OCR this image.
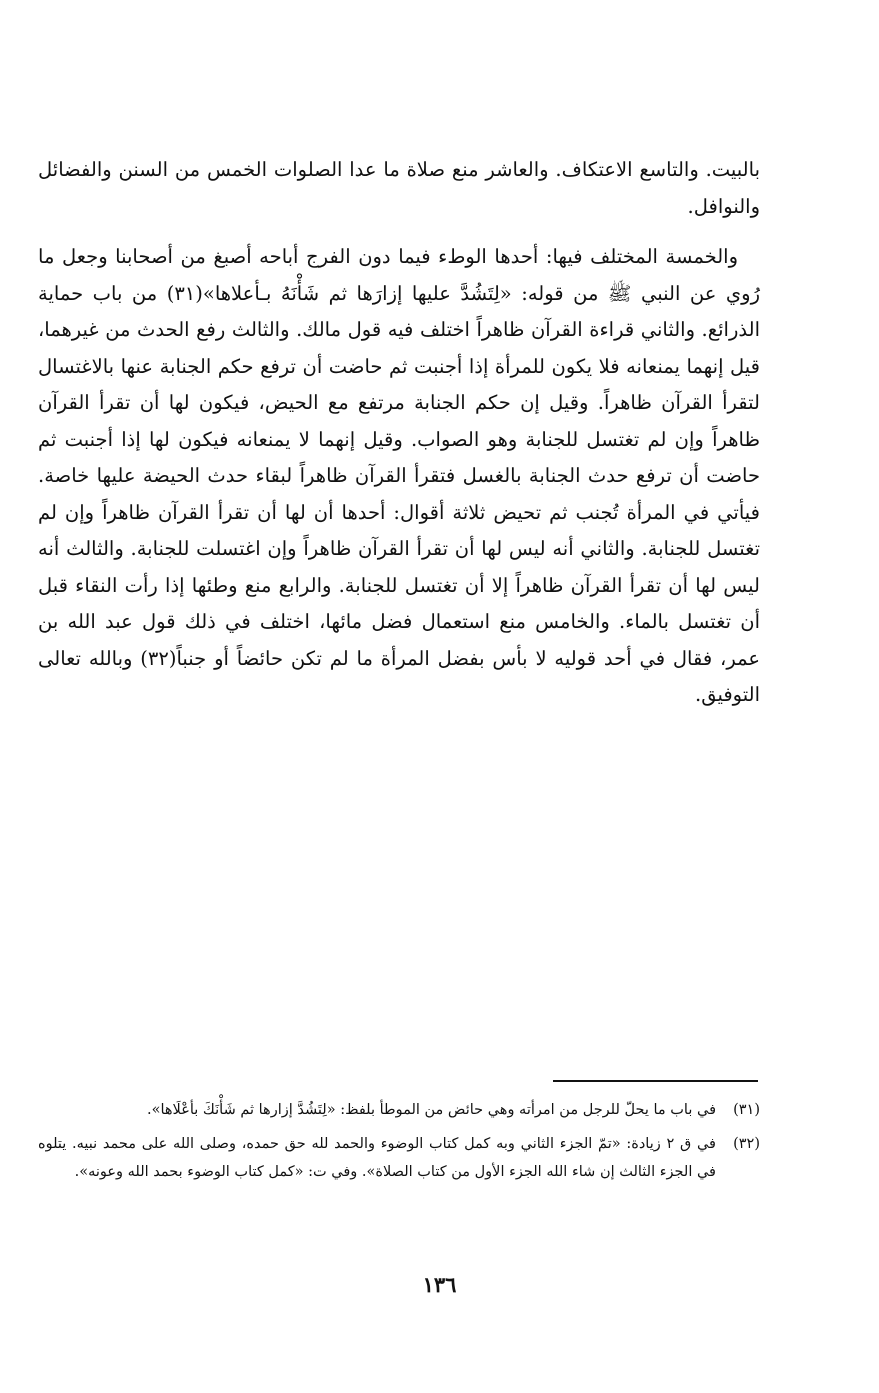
بالبيت. والتاسع الاعتكاف. والعاشر منع صلاة ما عدا الصلوات الخمس من السنن والفضائل والنوافل.

والخمسة المختلف فيها: أحدها الوطء فيما دون الفرج أباحه أصبغ من أصحابنا وجعل ما رُوي عن النبي ﷺ من قوله: «لِتَشُدَّ عليها إزارَها ثم شَأْنَهُ بـأعلاها»(٣١) من باب حماية الذرائع. والثاني قراءة القرآن ظاهراً اختلف فيه قول مالك. والثالث رفع الحدث من غيرهما، قيل إنهما يمنعانه فلا يكون للمرأة إذا أجنبت ثم حاضت أن ترفع حكم الجنابة عنها بالاغتسال لتقرأ القرآن ظاهراً. وقيل إن حكم الجنابة مرتفع مع الحيض، فيكون لها أن تقرأ القرآن ظاهراً وإن لم تغتسل للجنابة وهو الصواب. وقيل إنهما لا يمنعانه فيكون لها إذا أجنبت ثم حاضت أن ترفع حدث الجنابة بالغسل فتقرأ القرآن ظاهراً لبقاء حدث الحيضة عليها خاصة. فيأتي في المرأة تُجنب ثم تحيض ثلاثة أقوال: أحدها أن لها أن تقرأ القرآن ظاهراً وإن لم تغتسل للجنابة. والثاني أنه ليس لها أن تقرأ القرآن ظاهراً وإن اغتسلت للجنابة. والثالث أنه ليس لها أن تقرأ القرآن ظاهراً إلا أن تغتسل للجنابة. والرابع منع وطئها إذا رأت النقاء قبل أن تغتسل بالماء. والخامس منع استعمال فضل مائها، اختلف في ذلك قول عبد الله بن عمر، فقال في أحد قوليه لا بأس بفضل المرأة ما لم تكن حائضاً أو جنباً(٣٢) وبالله تعالى التوفيق.

(٣١)
في باب ما يحلّ للرجل من امرأته وهي حائض من الموطأ بلفظ: «لِتَشُدَّ إزارها ثم شَأْنَكَ بأعْلَاها».
(٣٢)
في ق ٢ زيادة: «تمّ الجزء الثاني وبه كمل كتاب الوضوء والحمد لله حق حمده، وصلى الله على محمد نبيه. يتلوه في الجزء الثالث إن شاء الله الجزء الأول من كتاب الصلاة». وفي ت: «كمل كتاب الوضوء بحمد الله وعونه».
١٣٦
